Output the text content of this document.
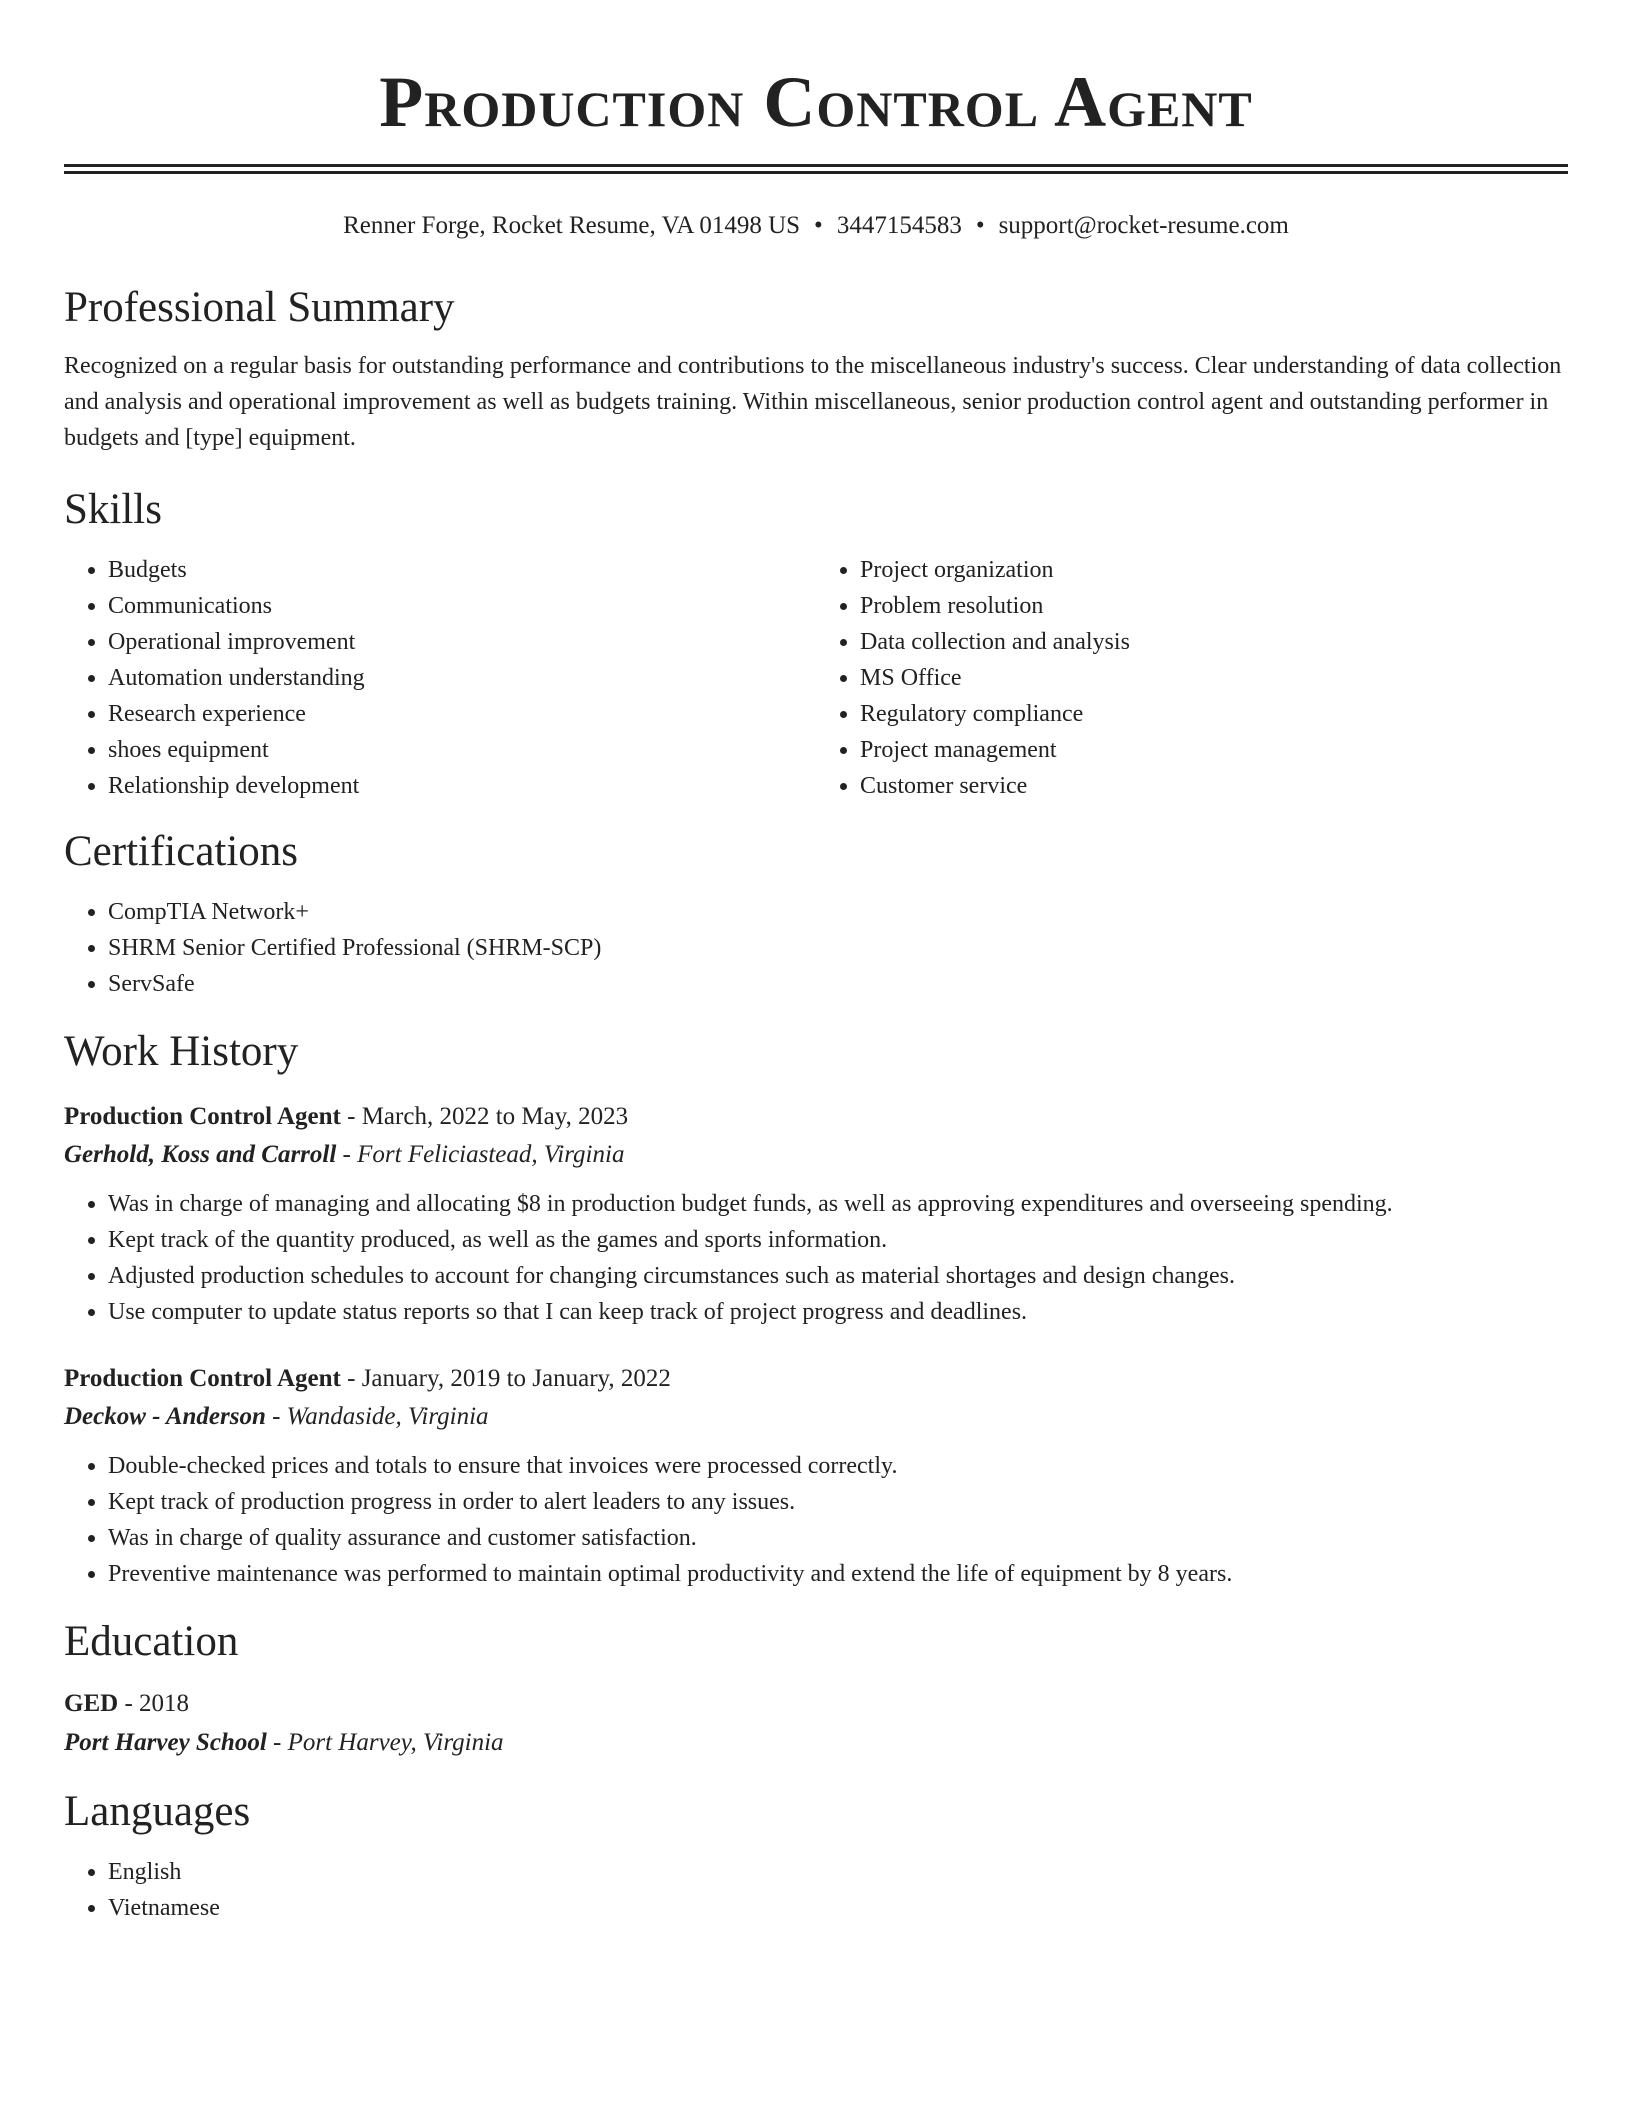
Production Control Agent
Renner Forge, Rocket Resume, VA 01498 US • 3447154583 • support@rocket-resume.com
Professional Summary

Recognized on a regular basis for outstanding performance and contributions to the miscellaneous industry's success. Clear understanding of data collection and analysis and operational improvement as well as budgets training. Within miscellaneous, senior production control agent and outstanding performer in budgets and [type] equipment.

Skills
• Budgets
• Communications
• Operational improvement
• Automation understanding
• Research experience
• shoes equipment
• Relationship development
• Project organization
• Problem resolution
• Data collection and analysis
• MS Office
• Regulatory compliance
• Project management
• Customer service
Certifications
• CompTIA Network+
• SHRM Senior Certified Professional (SHRM-SCP)
• ServSafe
Work History
Production Control Agent - March, 2022 to May, 2023
Gerhold, Koss and Carroll - Fort Feliciastead, Virginia
• Was in charge of managing and allocating $8 in production budget funds, as well as approving expenditures and overseeing spending.
• Kept track of the quantity produced, as well as the games and sports information.
• Adjusted production schedules to account for changing circumstances such as material shortages and design changes.
• Use computer to update status reports so that I can keep track of project progress and deadlines.
Production Control Agent - January, 2019 to January, 2022
Deckow - Anderson - Wandaside, Virginia
• Double-checked prices and totals to ensure that invoices were processed correctly.
• Kept track of production progress in order to alert leaders to any issues.
• Was in charge of quality assurance and customer satisfaction.
• Preventive maintenance was performed to maintain optimal productivity and extend the life of equipment by 8 years.
Education
GED - 2018
Port Harvey School - Port Harvey, Virginia
Languages
• English
• Vietnamese
